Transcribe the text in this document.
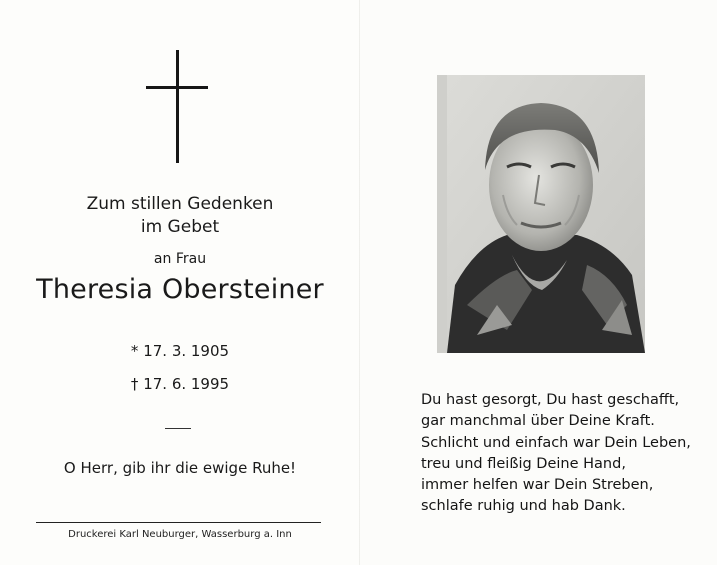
Zum stillen Gedenken
im Gebet
an Frau
Theresia Obersteiner
* 17. 3. 1905
† 17. 6. 1995
O Herr, gib ihr die ewige Ruhe!
Druckerei Karl Neuburger, Wasserburg a. Inn
Du hast gesorgt, Du hast geschafft,
gar manchmal über Deine Kraft.
Schlicht und einfach war Dein Leben,
treu und fleißig Deine Hand,
immer helfen war Dein Streben,
schlafe ruhig und hab Dank.
